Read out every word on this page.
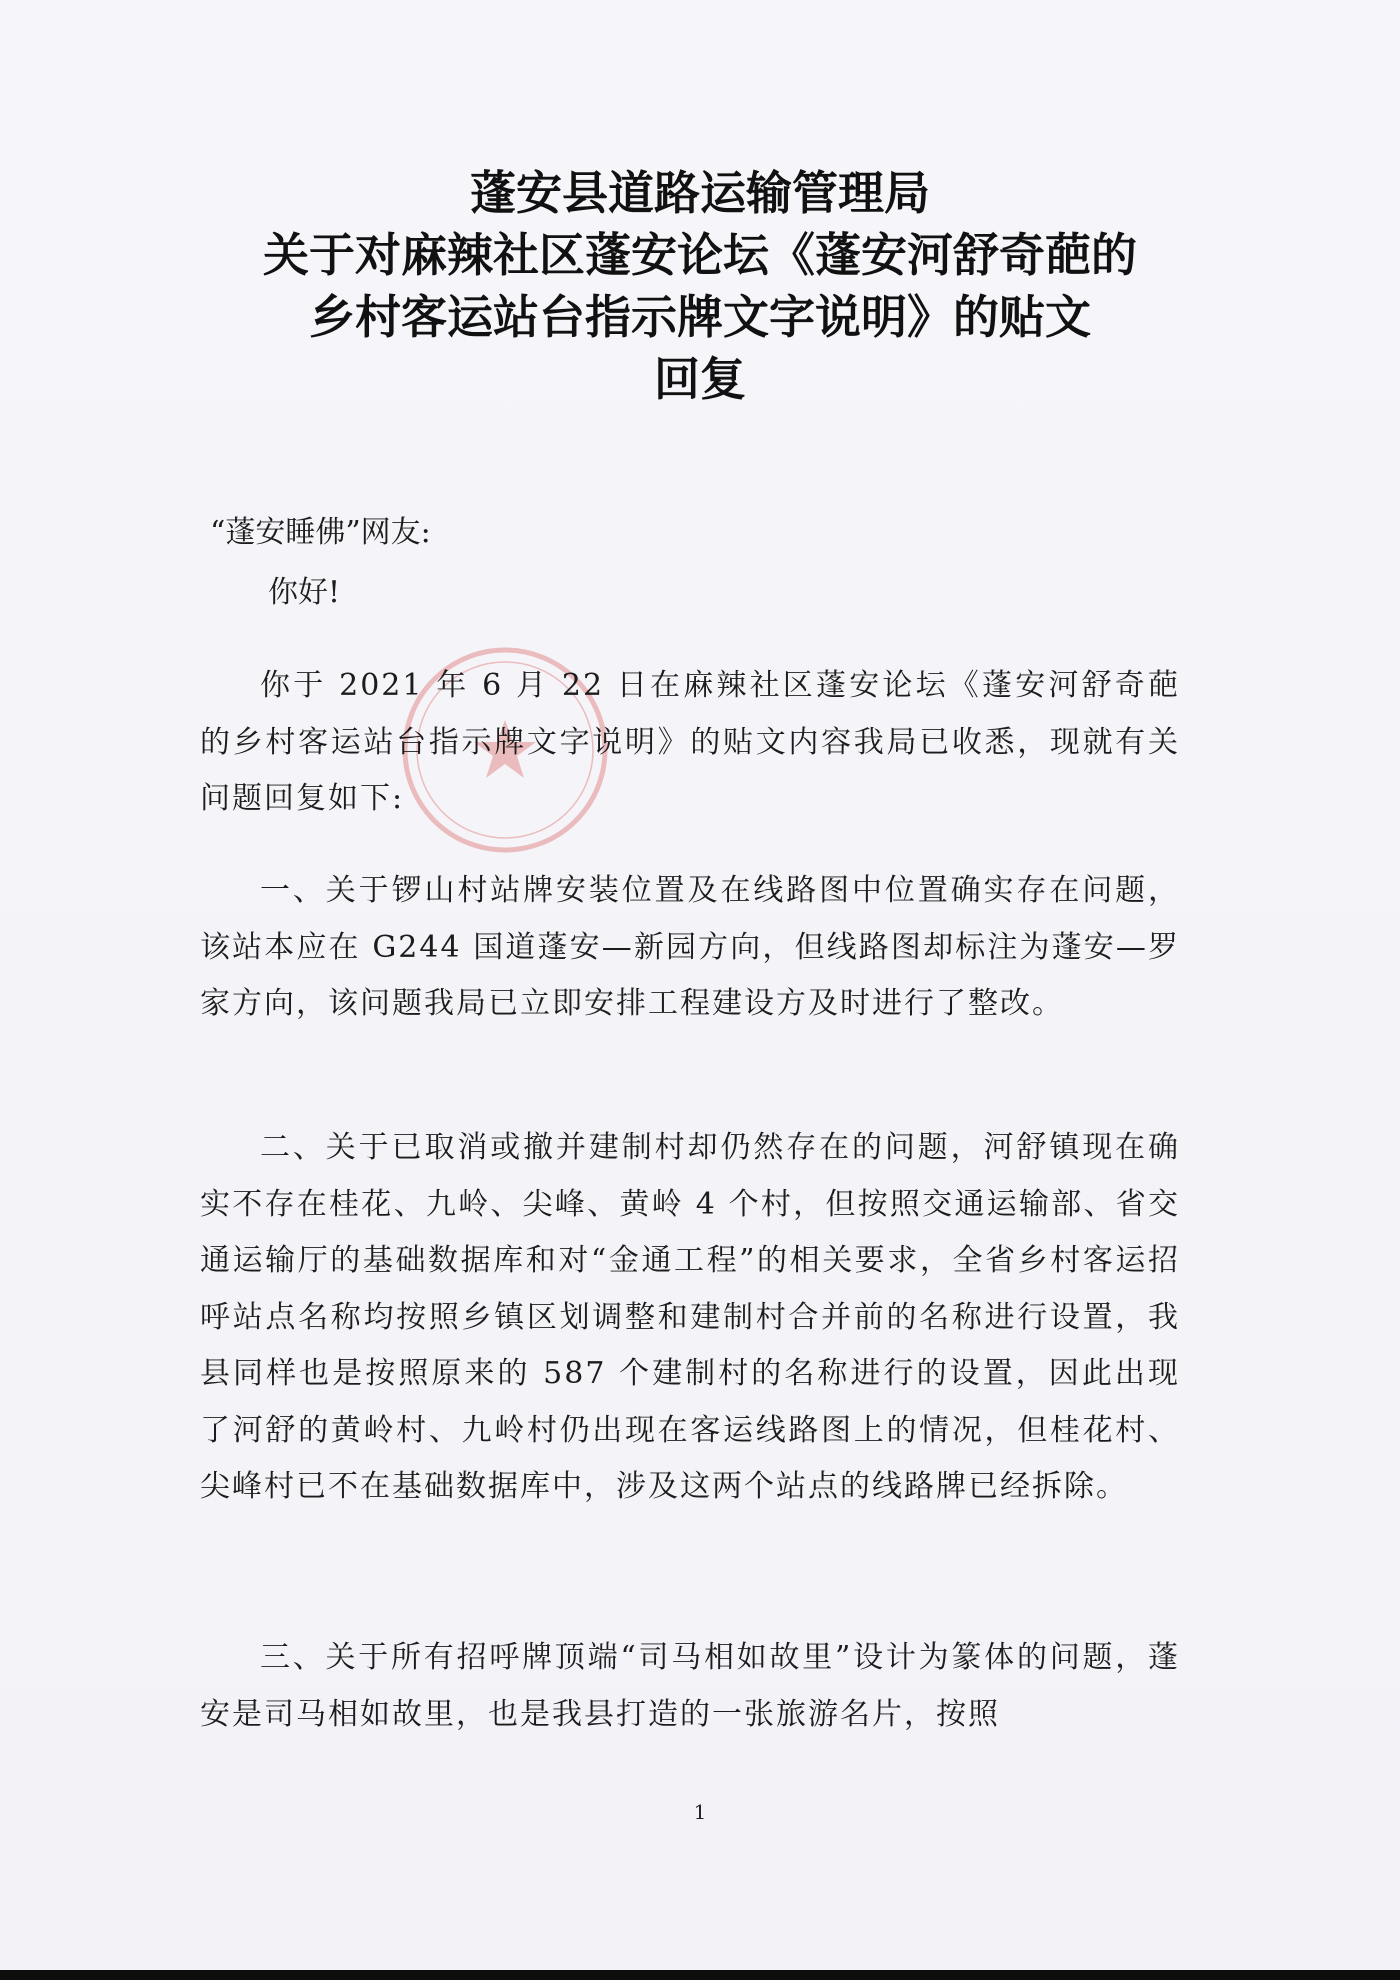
蓬安县道路运输管理局
关于对麻辣社区蓬安论坛《蓬安河舒奇葩的
乡村客运站台指示牌文字说明》的贴文
回复
“蓬安睡佛”网友:
你好!

你于 2021 年 6 月 22 日在麻辣社区蓬安论坛《蓬安河舒奇葩的乡村客运站台指示牌文字说明》的贴文内容我局已收悉，现就有关问题回复如下:

一、关于锣山村站牌安装位置及在线路图中位置确实存在问题，该站本应在 G244 国道蓬安—新园方向，但线路图却标注为蓬安—罗家方向，该问题我局已立即安排工程建设方及时进行了整改。

二、关于已取消或撤并建制村却仍然存在的问题，河舒镇现在确实不存在桂花、九岭、尖峰、黄岭 4 个村，但按照交通运输部、省交通运输厅的基础数据库和对“金通工程”的相关要求，全省乡村客运招呼站点名称均按照乡镇区划调整和建制村合并前的名称进行设置，我县同样也是按照原来的 587 个建制村的名称进行的设置，因此出现了河舒的黄岭村、九岭村仍出现在客运线路图上的情况，但桂花村、尖峰村已不在基础数据库中，涉及这两个站点的线路牌已经拆除。

三、关于所有招呼牌顶端“司马相如故里”设计为篆体的问题，蓬安是司马相如故里，也是我县打造的一张旅游名片，按照

1
